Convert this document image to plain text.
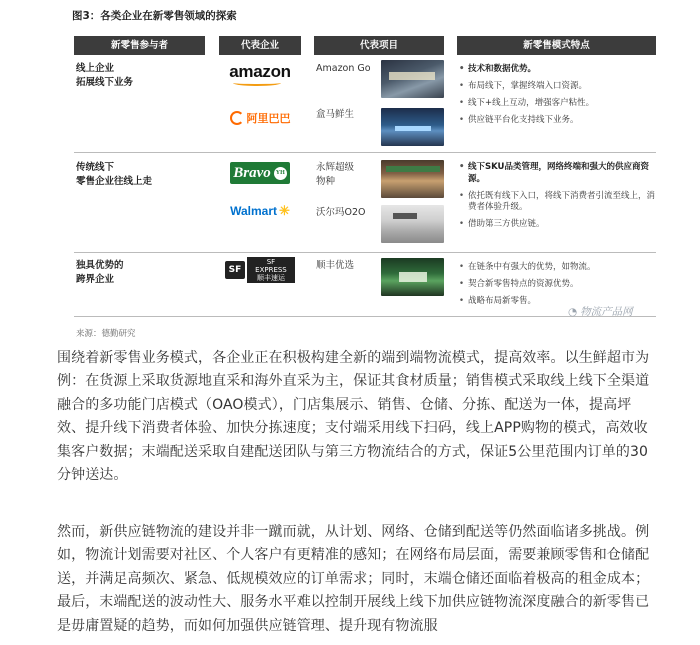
图3：各类企业在新零售领域的探索
新零售参与者	代表企业	代表项目	新零售模式特点
线上企业
拓展线下业务
amazon	Amazon Go
阿里巴巴	盒马鲜生
• 技术和数据优势。
• 布局线下，掌握终端入口资源。
• 线下+线上互动，增强客户粘性。
• 供应链平台化支持线下业务。
传统线下
零售企业往线上走
Bravo YH	永辉超级
物种
Walmart ✳	沃尔玛O2O
• 线下SKU品类管理，网络终端和强大的供应商资源。
• 依托既有线下入口，将线下消费者引流至线上，消费者体验升级。
• 借助第三方供应链。
独具优势的
跨界企业
SF
SF EXPRESS
顺丰速运
顺丰优选
•	在链条中有强大的优势，如物流。
• 契合新零售特点的资源优势。
• 战略布局新零售。
来源：德勤研究
◔ 物流产品网

围绕着新零售业务模式，各企业正在积极构建全新的端到端物流模式，提高效率。以生鲜超市为例：在货源上采取货源地直采和海外直采为主，保证其食材质量；销售模式采取线上线下全渠道融合的多功能门店模式（OAO模式），门店集展示、销售、仓储、分拣、配送为一体，提高坪效、提升线下消费者体验、加快分拣速度；支付端采用线下扫码，线上APP购物的模式，高效收集客户数据；末端配送采取自建配送团队与第三方物流结合的方式，保证5公里范围内订单的30分钟送达。

然而，新供应链物流的建设并非一蹴而就，从计划、网络、仓储到配送等仍然面临诸多挑战。例如，物流计划需要对社区、个人客户有更精准的感知；在网络布局层面，需要兼顾零售和仓储配送，并满足高频次、紧急、低规模效应的订单需求；同时，末端仓储还面临着极高的租金成本；最后，末端配送的波动性大、服务水平难以控制开展线上线下加供应链物流深度融合的新零售已是毋庸置疑的趋势，而如何加强供应链管理、提升现有物流服
